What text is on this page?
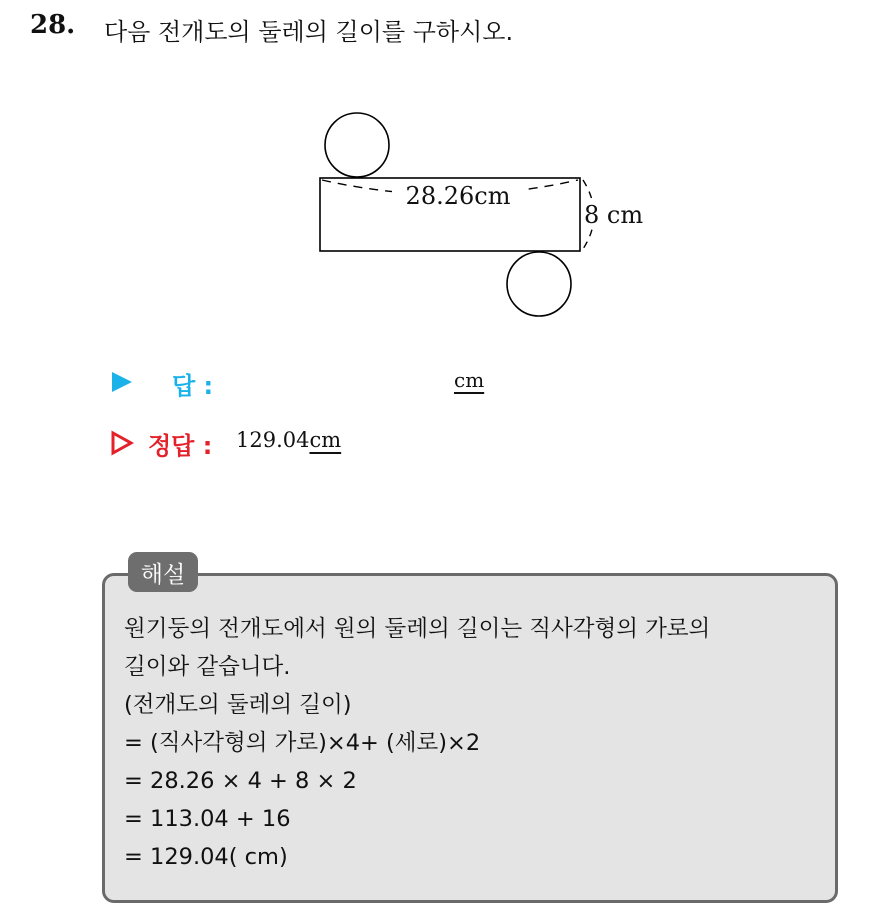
28. 다음 전개도의 둘레의 길이를 구하시오.
28.26cm
8 cm
답 :	cm
정답 : 129.04cm
해설
원기둥의 전개도에서 원의 둘레의 길이는 직사각형의 가로의
길이와 같습니다.
(전개도의 둘레의 길이)
= (직사각형의 가로)×4+ (세로)×2
= 28.26 × 4 + 8 × 2
= 113.04 + 16
= 129.04( cm)
